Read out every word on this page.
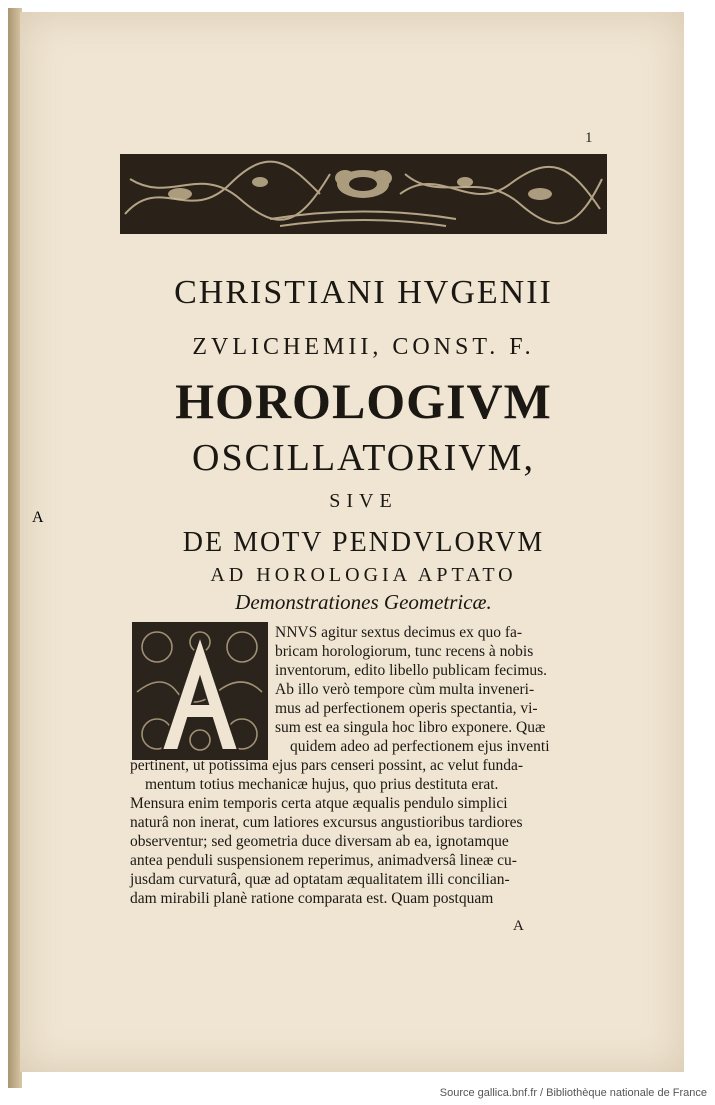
1
CHRISTIANI HVGENII
ZVLICHEMII, CONST. F.
HOROLOGIVM
OSCILLATORIVM,
SIVE
DE MOTV PENDVLORVM
AD HOROLOGIA APTATO
Demonstrationes Geometricæ.
A
NNVS agitur sextus decimus ex quo fa-
bricam horologiorum, tunc recens à nobis
inventorum, edito libello publicam fecimus.
Ab illo verò tempore cùm multa inveneri-
mus ad perfectionem operis spectantia, vi-
sum est ea singula hoc libro exponere. Quæ
quidem adeo ad perfectionem ejus inventi
pertinent, ut potissima ejus pars censeri possint, ac velut funda-
mentum totius mechanicæ hujus, quo prius destituta erat.
Mensura enim temporis certa atque æqualis pendulo simplici
naturâ non inerat, cum latiores excursus angustioribus tardiores
observentur; sed geometria duce diversam ab ea, ignotamque
antea penduli suspensionem reperimus, animadversâ lineæ cu-
jusdam curvaturâ, quæ ad optatam æqualitatem illi concilian-
dam mirabili planè ratione comparata est. Quam postquam
A
Source gallica.bnf.fr / Bibliothèque nationale de France
